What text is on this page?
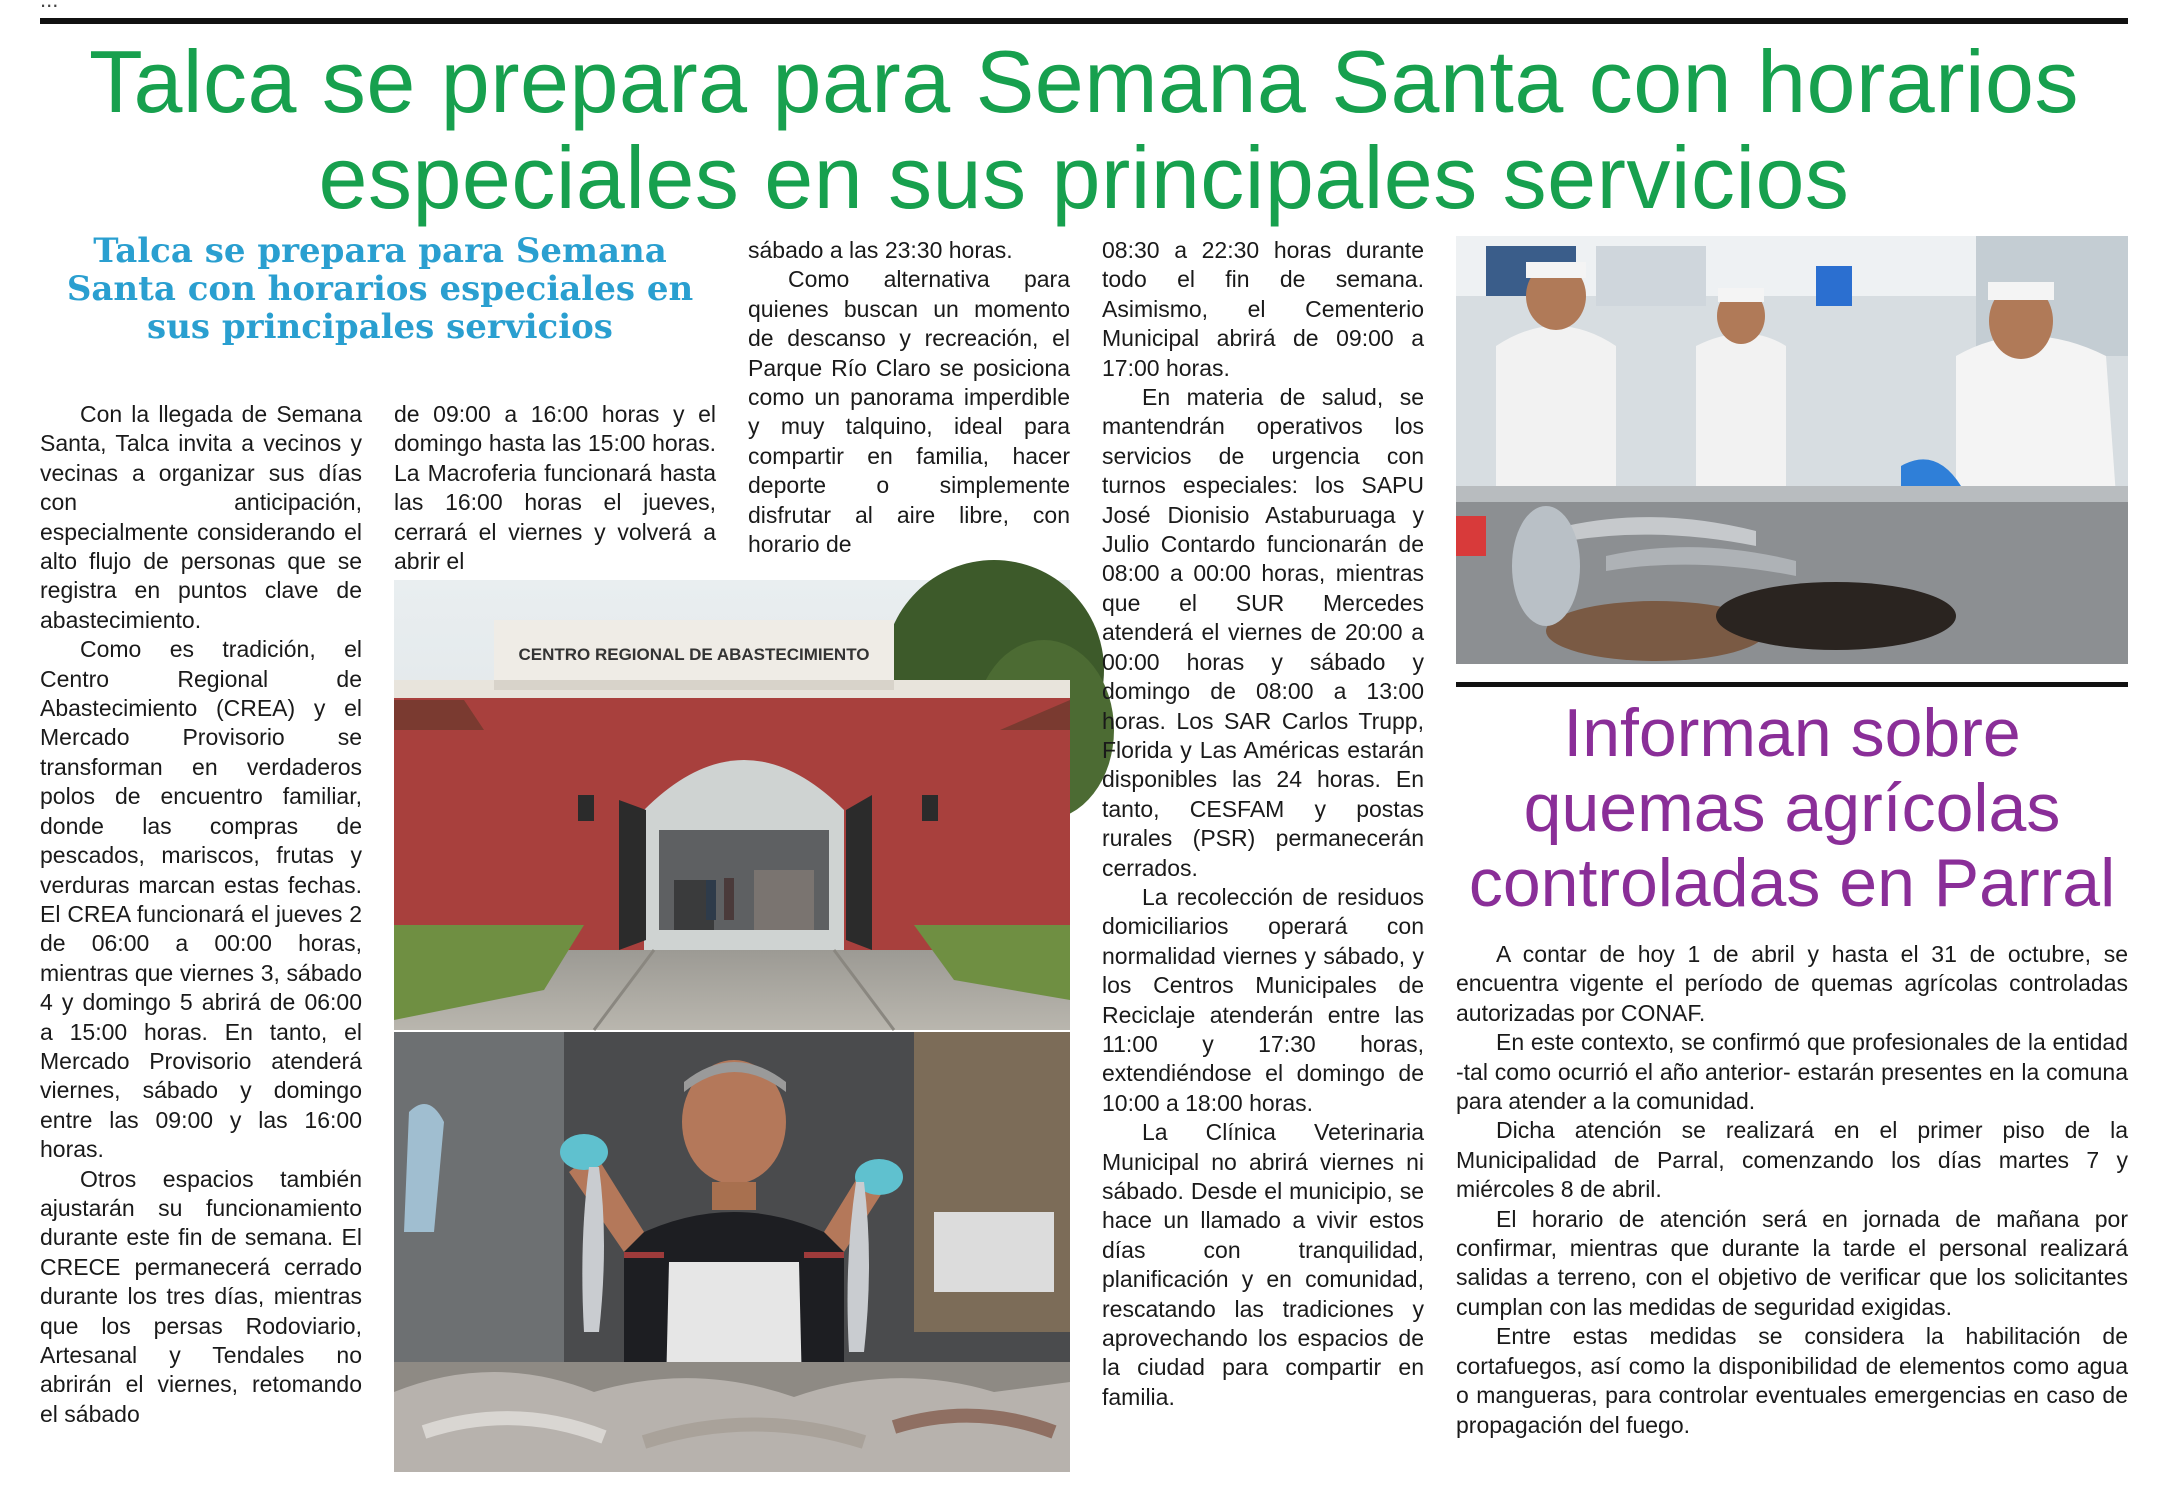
Talca se prepara para Semana Santa con horarios especiales en sus principales servicios
Talca se prepara para Semana Santa con horarios especiales en sus principales servicios

Con la llegada de Semana Santa, Talca invita a vecinos y vecinas a organizar sus días con anticipación, especialmente considerando el alto flujo de personas que se registra en puntos clave de abastecimiento.

Como es tradición, el Centro Regional de Abastecimiento (CREA) y el Mercado Provisorio se transforman en verdaderos polos de encuentro familiar, donde las compras de pescados, mariscos, frutas y verduras marcan estas fechas. El CREA funcionará el jueves 2 de 06:00 a 00:00 horas, mientras que viernes 3, sábado 4 y domingo 5 abrirá de 06:00 a 15:00 horas. En tanto, el Mercado Provisorio atenderá viernes, sábado y domingo entre las 09:00 y las 16:00 horas.

Otros espacios también ajustarán su funcionamiento durante este fin de semana. El CRECE permanecerá cerrado durante los tres días, mientras que los persas Rodoviario, Artesanal y Tendales no abrirán el viernes, retomando el sábado

de 09:00 a 16:00 horas y el domingo hasta las 15:00 horas. La Macroferia funcionará hasta las 16:00 horas el jueves, cerrará el viernes y volverá a abrir el

sábado a las 23:30 horas.

Como alternativa para quienes buscan un momento de descanso y recreación, el Parque Río Claro se posiciona como un panorama imperdible y muy talquino, ideal para compartir en familia, hacer deporte o simplemente disfrutar al aire libre, con horario de

CENTRO REGIONAL DE ABASTECIMIENTO

08:30 a 22:30 horas durante todo el fin de semana. Asimismo, el Cementerio Municipal abrirá de 09:00 a 17:00 horas.

En materia de salud, se mantendrán operativos los servicios de urgencia con turnos especiales: los SAPU José Dionisio Astaburuaga y Julio Contardo funcionarán de 08:00 a 00:00 horas, mientras que el SUR Mercedes atenderá el viernes de 20:00 a 00:00 horas y sábado y domingo de 08:00 a 13:00 horas. Los SAR Carlos Trupp, Florida y Las Américas estarán disponibles las 24 horas. En tanto, CESFAM y postas rurales (PSR) permanecerán cerrados.

La recolección de residuos domiciliarios operará con normalidad viernes y sábado, y los Centros Municipales de Reciclaje atenderán entre las 11:00 y 17:30 horas, extendiéndose el domingo de 10:00 a 18:00 horas.

La Clínica Veterinaria Municipal no abrirá viernes ni sábado. Desde el municipio, se hace un llamado a vivir estos días con tranquilidad, planificación y en comunidad, rescatando las tradiciones y aprovechando los espacios de la ciudad para compartir en familia.

Informan sobre quemas agrícolas controladas en Parral

A contar de hoy 1 de abril y hasta el 31 de octubre, se encuentra vigente el período de quemas agrícolas controladas autorizadas por CONAF.

En este contexto, se confirmó que profesionales de la entidad -tal como ocurrió el año anterior- estarán presentes en la comuna para atender a la comunidad.

Dicha atención se realizará en el primer piso de la Municipalidad de Parral, comenzando los días martes 7 y miércoles 8 de abril.

El horario de atención será en jornada de mañana por confirmar, mientras que durante la tarde el personal realizará salidas a terreno, con el objetivo de verificar que los solicitantes cumplan con las medidas de seguridad exigidas.

Entre estas medidas se considera la habilitación de cortafuegos, así como la disponibilidad de elementos como agua o mangueras, para controlar eventuales emergencias en caso de propagación del fuego.
